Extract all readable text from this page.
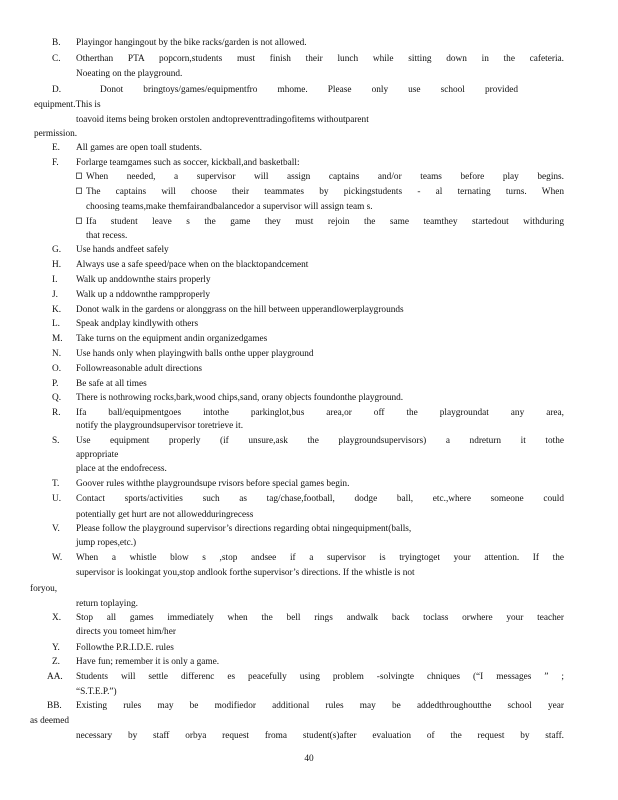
B. Playingor hangingout by the bike racks/garden is not allowed.
C. Otherthan PTA popcorn,students must finish their lunch while sitting down in the cafeteria.
Noeating on the playground.
D.	Donot bringtoys/games/equipmentfro mhome. Please only use school provided
equipment.This is
toavoid items being broken orstolen andtopreventtradingofitems withoutparent
permission.
E. All games are open toall students.
F. Forlarge teamgames such as soccer, kickball,and basketball:
When needed, a supervisor will assign captains and/or teams before play begins.
The captains will choose their teammates by pickingstudents - al ternating turns. When
choosing teams,make themfairandbalancedor a supervisor will assign team s.
Ifa student leave s the game they must rejoin the same teamthey startedout withduring
that recess.
G. Use hands andfeet safely
H. Always use a safe speed/pace when on the blacktopandcement
I. Walk up anddownthe stairs properly
J. Walk up a nddownthe rampproperly
K. Donot walk in the gardens or alonggrass on the hill between upperandlowerplaygrounds
L. Speak andplay kindlywith others
M. Take turns on the equipment andin organizedgames
N. Use hands only when playingwith balls onthe upper playground
O. Followreasonable adult directions
P. Be safe at all times
Q. There is nothrowing rocks,bark,wood chips,sand, orany objects foundonthe playground.
R. Ifa ball/equipmentgoes intothe parkinglot,bus area,or off the playgroundat any area,
notify the playgroundsupervisor toretrieve it.
S. Use equipment properly (if unsure,ask the playgroundsupervisors) a ndreturn it tothe
appropriate
place at the endofrecess.
T. Goover rules withthe playgroundsupe rvisors before special games begin.
U. Contact sports/activities such as tag/chase,football, dodge ball, etc.,where someone could
potentially get hurt are not allowedduringrecess
V. Please follow the playground supervisor’s directions regarding obtai ningequipment(balls,
jump ropes,etc.)
W. When a whistle blow s ,stop andsee if a supervisor is tryingtoget your attention. If the
supervisor is lookingat you,stop andlook forthe supervisor’s directions. If the whistle is not
foryou,
return toplaying.
X. Stop all games immediately when the bell rings andwalk back toclass orwhere your teacher
directs you tomeet him/her
Y. Followthe P.R.I.D.E. rules
Z. Have fun; remember it is only a game.
AA. Students will settle differenc es peacefully using problem -solvingte chniques (“I messages ” ;
“S.T.E.P.”)
BB. Existing rules may be modifiedor additional rules may be addedthroughoutthe school year
as deemed
necessary by staff orbya request froma student(s)after evaluation of the request by staff.
40
